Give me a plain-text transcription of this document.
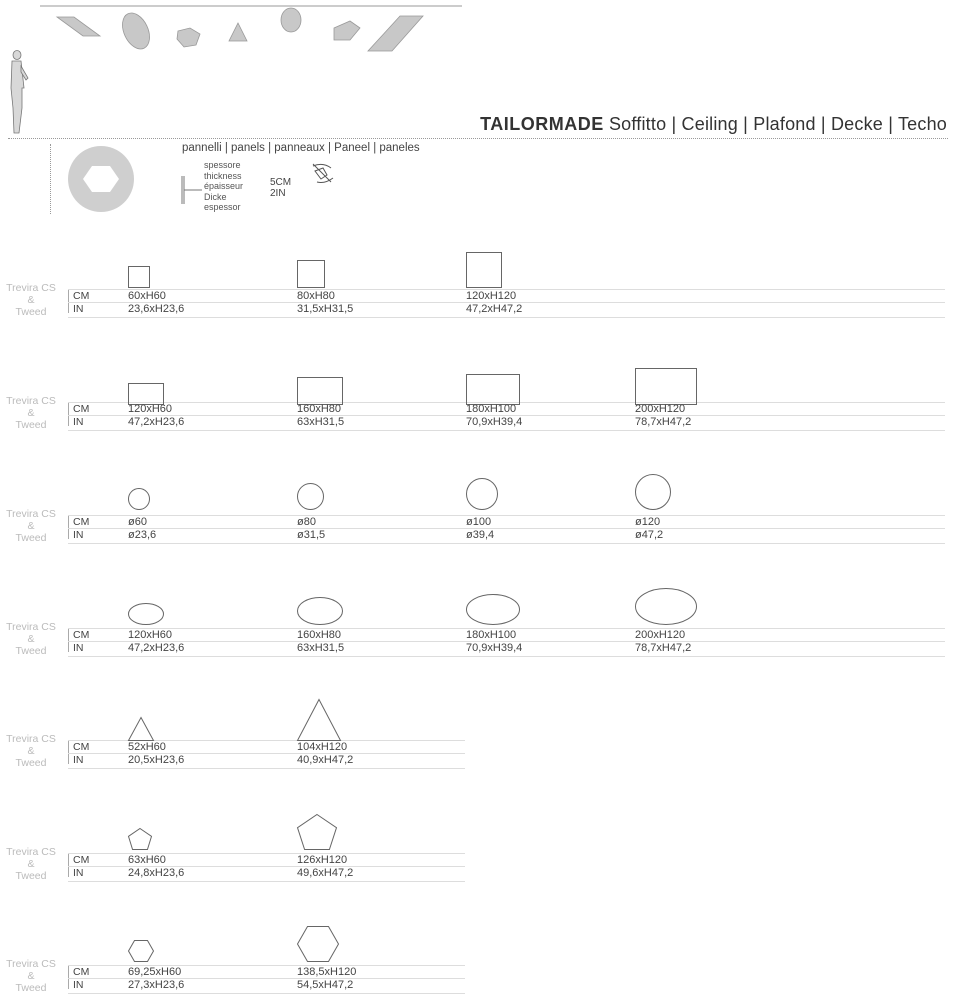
TAILORMADE Soffitto | Ceiling | Plafond | Decke | Techo
pannelli | panels | panneaux | Paneel | paneles
spessore
thickness
épaisseur
Dicke
espessor
5CM
2IN
Trevira CS
&
Tweed
CM
IN
60xH60
23,6xH23,6
80xH80
31,5xH31,5
120xH120
47,2xH47,2
Trevira CS
&
Tweed
CM
IN
120xH60
47,2xH23,6
160xH80
63xH31,5
180xH100
70,9xH39,4
200xH120
78,7xH47,2
Trevira CS
&
Tweed
CM
IN
ø60
ø23,6
ø80
ø31,5
ø100
ø39,4
ø120
ø47,2
Trevira CS
&
Tweed
CM
IN
120xH60
47,2xH23,6
160xH80
63xH31,5
180xH100
70,9xH39,4
200xH120
78,7xH47,2
Trevira CS
&
Tweed
CM
IN
52xH60
20,5xH23,6
104xH120
40,9xH47,2
Trevira CS
&
Tweed
CM
IN
63xH60
24,8xH23,6
126xH120
49,6xH47,2
Trevira CS
&
Tweed
CM
IN
69,25xH60
27,3xH23,6
138,5xH120
54,5xH47,2
